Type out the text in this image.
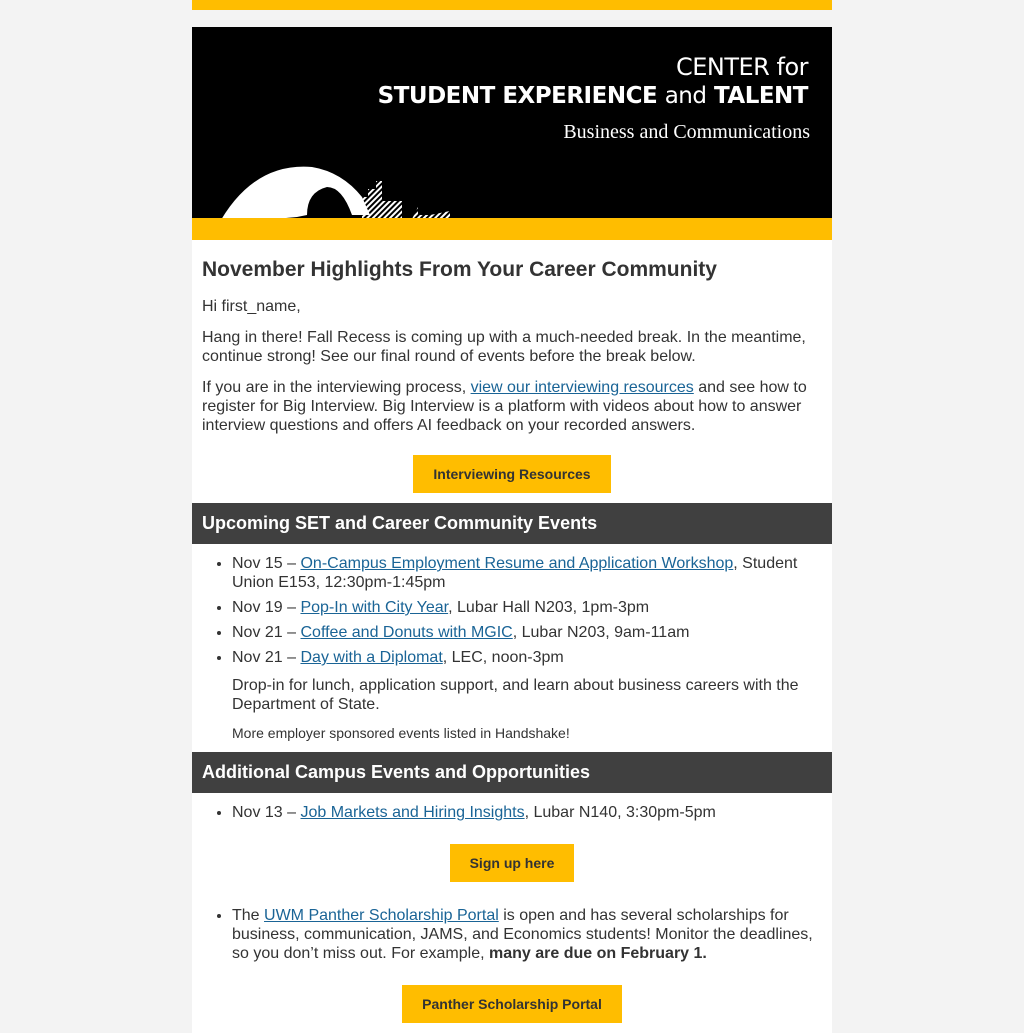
CENTER for
STUDENT EXPERIENCE and TALENT
Business and Communications
November Highlights From Your Career Community

Hi first_name,

Hang in there! Fall Recess is coming up with a much-needed break. In the meantime, continue strong! See our final round of events before the break below.

If you are in the interviewing process, view our interviewing resources and see how to register for Big Interview. Big Interview is a platform with videos about how to answer interview questions and offers AI feedback on your recorded answers.

Interviewing Resources
Upcoming SET and Career Community Events
• Nov 15 – On-Campus Employment Resume and Application Workshop, Student Union E153, 12:30pm-1:45pm
• Nov 19 – Pop-In with City Year, Lubar Hall N203, 1pm-3pm
• Nov 21 – Coffee and Donuts with MGIC, Lubar N203, 9am-11am
• Nov 21 – Day with a Diplomat, LEC, noon-3pm

Drop-in for lunch, application support, and learn about business careers with the Department of State.

More employer sponsored events listed in Handshake!

Additional Campus Events and Opportunities
• Nov 13 – Job Markets and Hiring Insights, Lubar N140, 3:30pm-5pm
Sign up here
• The UWM Panther Scholarship Portal is open and has several scholarships for business, communication, JAMS, and Economics students! Monitor the deadlines, so you don’t miss out. For example, many are due on February 1.
Panther Scholarship Portal
